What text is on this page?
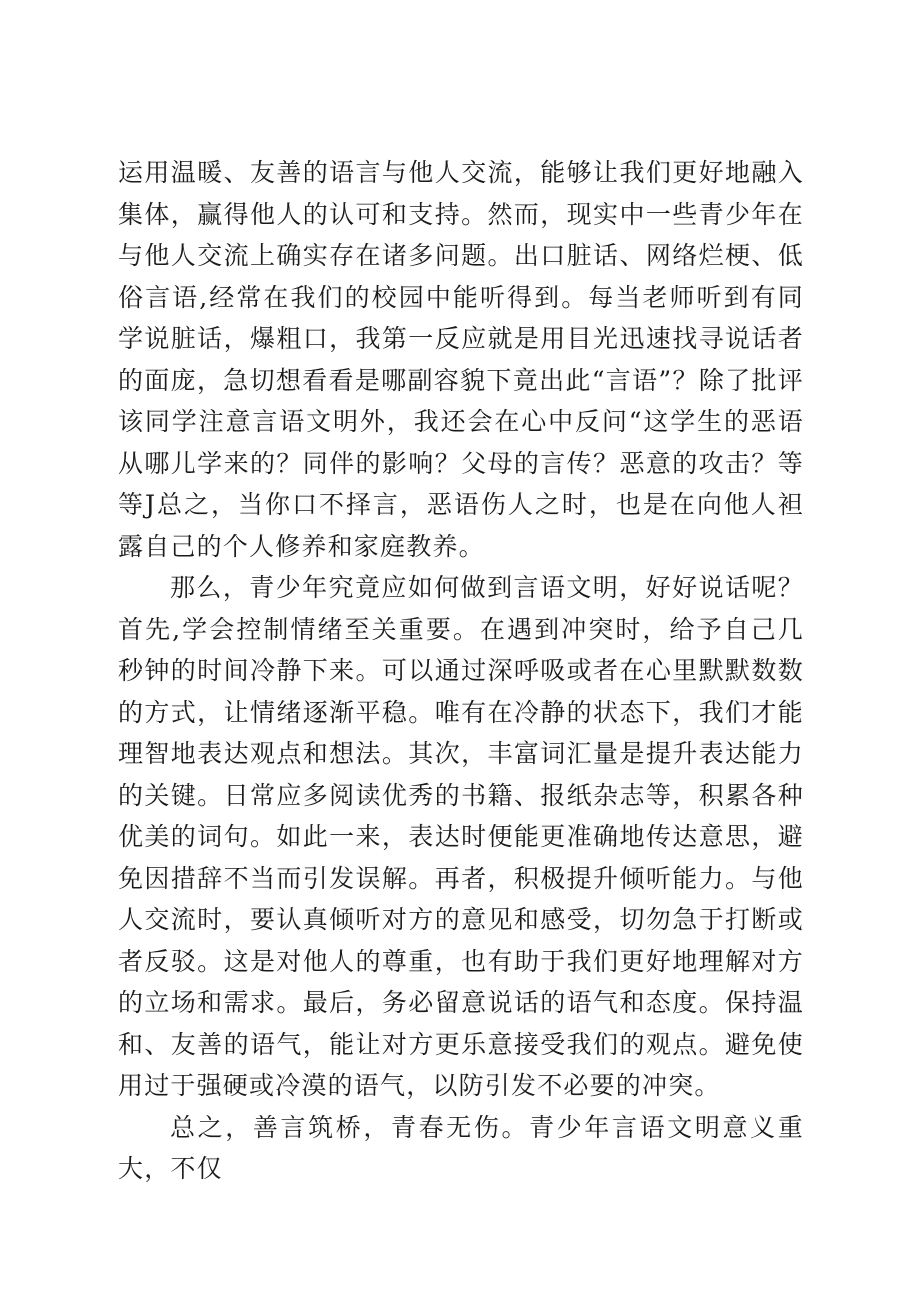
运用温暖、友善的语言与他人交流，能够让我们更好地融入集体，赢得他人的认可和支持。然而，现实中一些青少年在与他人交流上确实存在诸多问题。出口脏话、网络烂梗、低俗言语,经常在我们的校园中能听得到。每当老师听到有同学说脏话，爆粗口，我第一反应就是用目光迅速找寻说话者的面庞，急切想看看是哪副容貌下竟出此“言语”？除了批评该同学注意言语文明外，我还会在心中反问“这学生的恶语从哪儿学来的？同伴的影响？父母的言传？恶意的攻击？等等J总之，当你口不择言，恶语伤人之时，也是在向他人袒露自己的个人修养和家庭教养。

那么，青少年究竟应如何做到言语文明，好好说话呢？首先,学会控制情绪至关重要。在遇到冲突时，给予自己几秒钟的时间冷静下来。可以通过深呼吸或者在心里默默数数的方式，让情绪逐渐平稳。唯有在冷静的状态下，我们才能理智地表达观点和想法。其次，丰富词汇量是提升表达能力的关键。日常应多阅读优秀的书籍、报纸杂志等，积累各种优美的词句。如此一来，表达时便能更准确地传达意思，避免因措辞不当而引发误解。再者，积极提升倾听能力。与他人交流时，要认真倾听对方的意见和感受，切勿急于打断或者反驳。这是对他人的尊重，也有助于我们更好地理解对方的立场和需求。最后，务必留意说话的语气和态度。保持温和、友善的语气，能让对方更乐意接受我们的观点。避免使用过于强硬或冷漠的语气，以防引发不必要的冲突。

总之，善言筑桥，青春无伤。青少年言语文明意义重大，不仅
